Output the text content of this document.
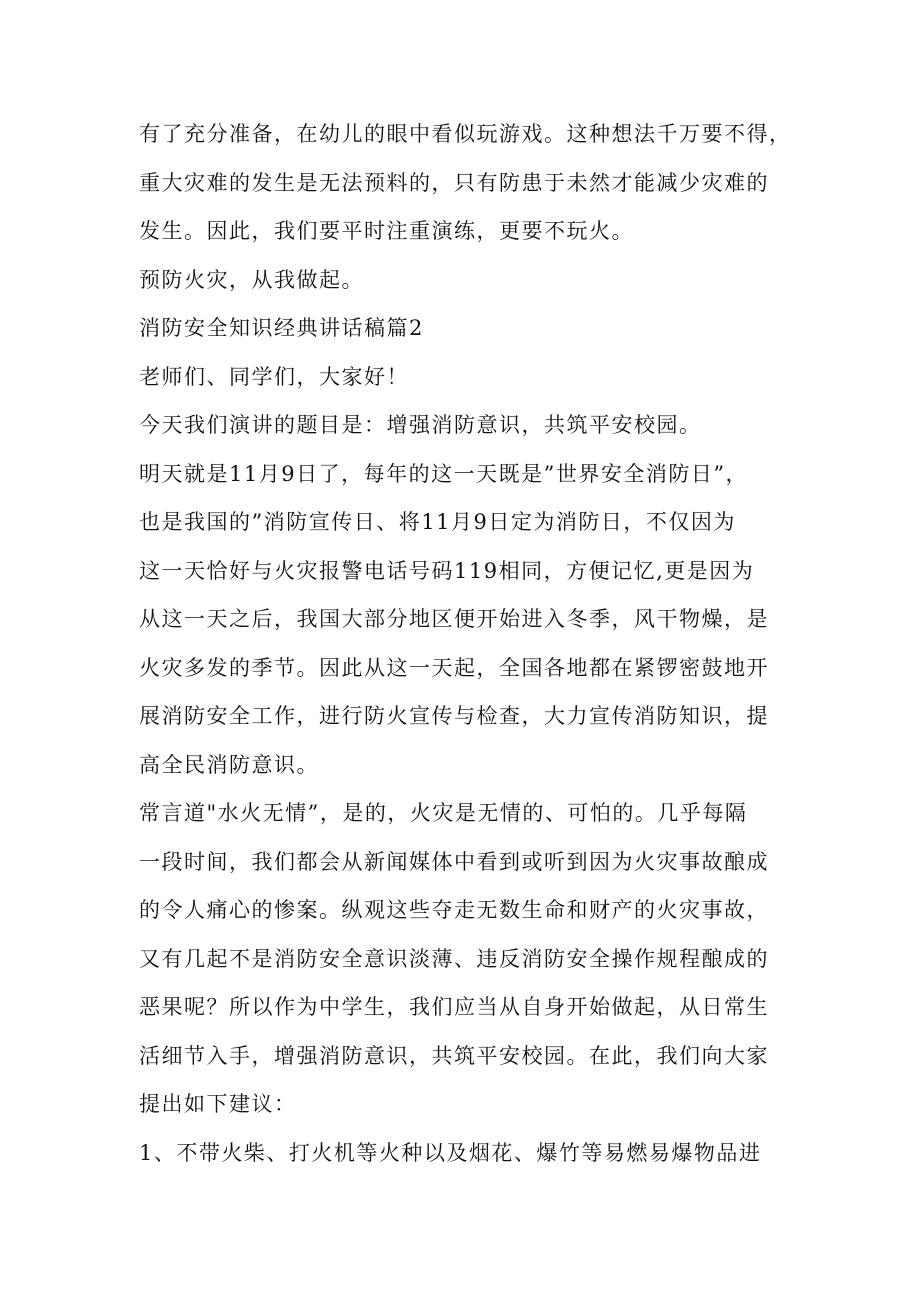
有了充分准备，在幼儿的眼中看似玩游戏。这种想法千万要不得，
重大灾难的发生是无法预料的，只有防患于未然才能减少灾难的
发生。因此，我们要平时注重演练，更要不玩火。
预防火灾，从我做起。
消防安全知识经典讲话稿篇2
老师们、同学们，大家好！
今天我们演讲的题目是：增强消防意识，共筑平安校园。
明天就是11月9日了，每年的这一天既是”世界安全消防日”，
也是我国的”消防宣传日、将11月9日定为消防日，不仅因为
这一天恰好与火灾报警电话号码119相同，方便记忆,更是因为
从这一天之后，我国大部分地区便开始进入冬季，风干物燥，是
火灾多发的季节。因此从这一天起，全国各地都在紧锣密鼓地开
展消防安全工作，进行防火宣传与检查，大力宣传消防知识，提
高全民消防意识。
常言道"水火无情”，是的，火灾是无情的、可怕的。几乎每隔
一段时间，我们都会从新闻媒体中看到或听到因为火灾事故酿成
的令人痛心的惨案。纵观这些夺走无数生命和财产的火灾事故，
又有几起不是消防安全意识淡薄、违反消防安全操作规程酿成的
恶果呢？所以作为中学生，我们应当从自身开始做起，从日常生
活细节入手，增强消防意识，共筑平安校园。在此，我们向大家
提出如下建议：
1、不带火柴、打火机等火种以及烟花、爆竹等易燃易爆物品进
